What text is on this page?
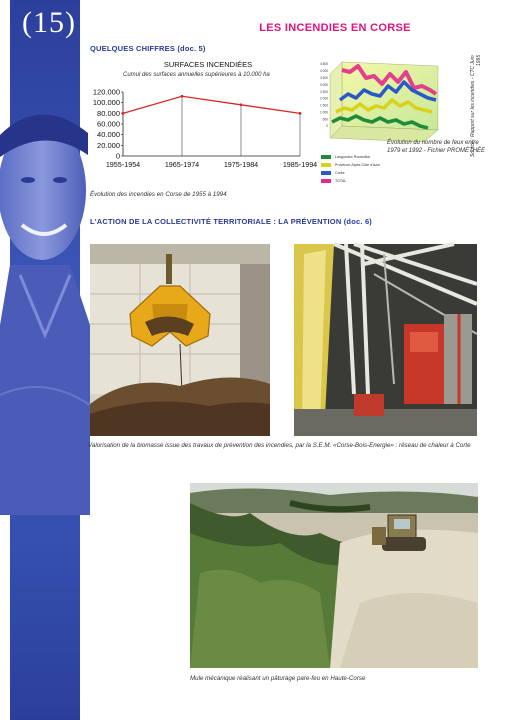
(15)	LES INCENDIES EN CORSE
QUELQUES CHIFFRES (doc. 5)
SURFACES INCENDIÉES
Cumul des surfaces annuelles supérieures à 10.000 ha
120.000
100.000
80.000
60.000
40.000
20.000
0
1955-1954	1965-1974	1975-1984	1985-1994
Évolution des incendies en Corse de 1955 à 1994
4 500
4 000
3 500
3 000
2 500
2 000
1 500
1 000
500
0
Languedoc Roussillon
Provence-Alpes-Côte d'Azur
Corse
TOTAL
Évolution du nombre de feux entre 1979 et 1992 - Fichier PROMÉTHÉE
Source : Rapport sur les incendies - CTC Juin 1995
L'ACTION DE LA COLLECTIVITÉ TERRITORIALE : LA PRÉVENTION (doc. 6)
Valorisation de la biomasse issue des travaux de prévention des incendies, par la S.E.M. «Corse-Bois-Energie» : réseau de chaleur à Corte
Mule mécanique réalisant un pâturage pare-feu en Haute-Corse
